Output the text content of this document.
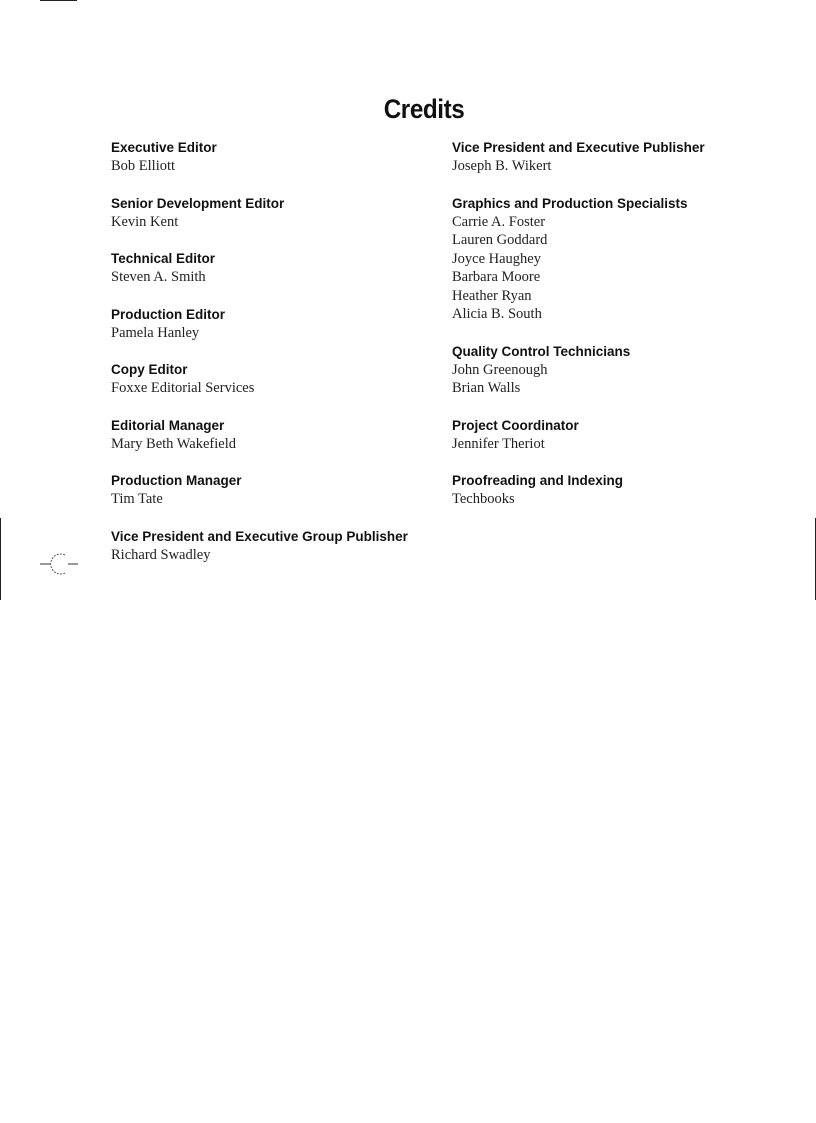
Credits
Executive Editor
Bob Elliott
Senior Development Editor
Kevin Kent
Technical Editor
Steven A. Smith
Production Editor
Pamela Hanley
Copy Editor
Foxxe Editorial Services
Editorial Manager
Mary Beth Wakefield
Production Manager
Tim Tate
Vice President and Executive Group Publisher
Richard Swadley
Vice President and Executive Publisher
Joseph B. Wikert
Graphics and Production Specialists
Carrie A. Foster
Lauren Goddard
Joyce Haughey
Barbara Moore
Heather Ryan
Alicia B. South
Quality Control Technicians
John Greenough
Brian Walls
Project Coordinator
Jennifer Theriot
Proofreading and Indexing
Techbooks
